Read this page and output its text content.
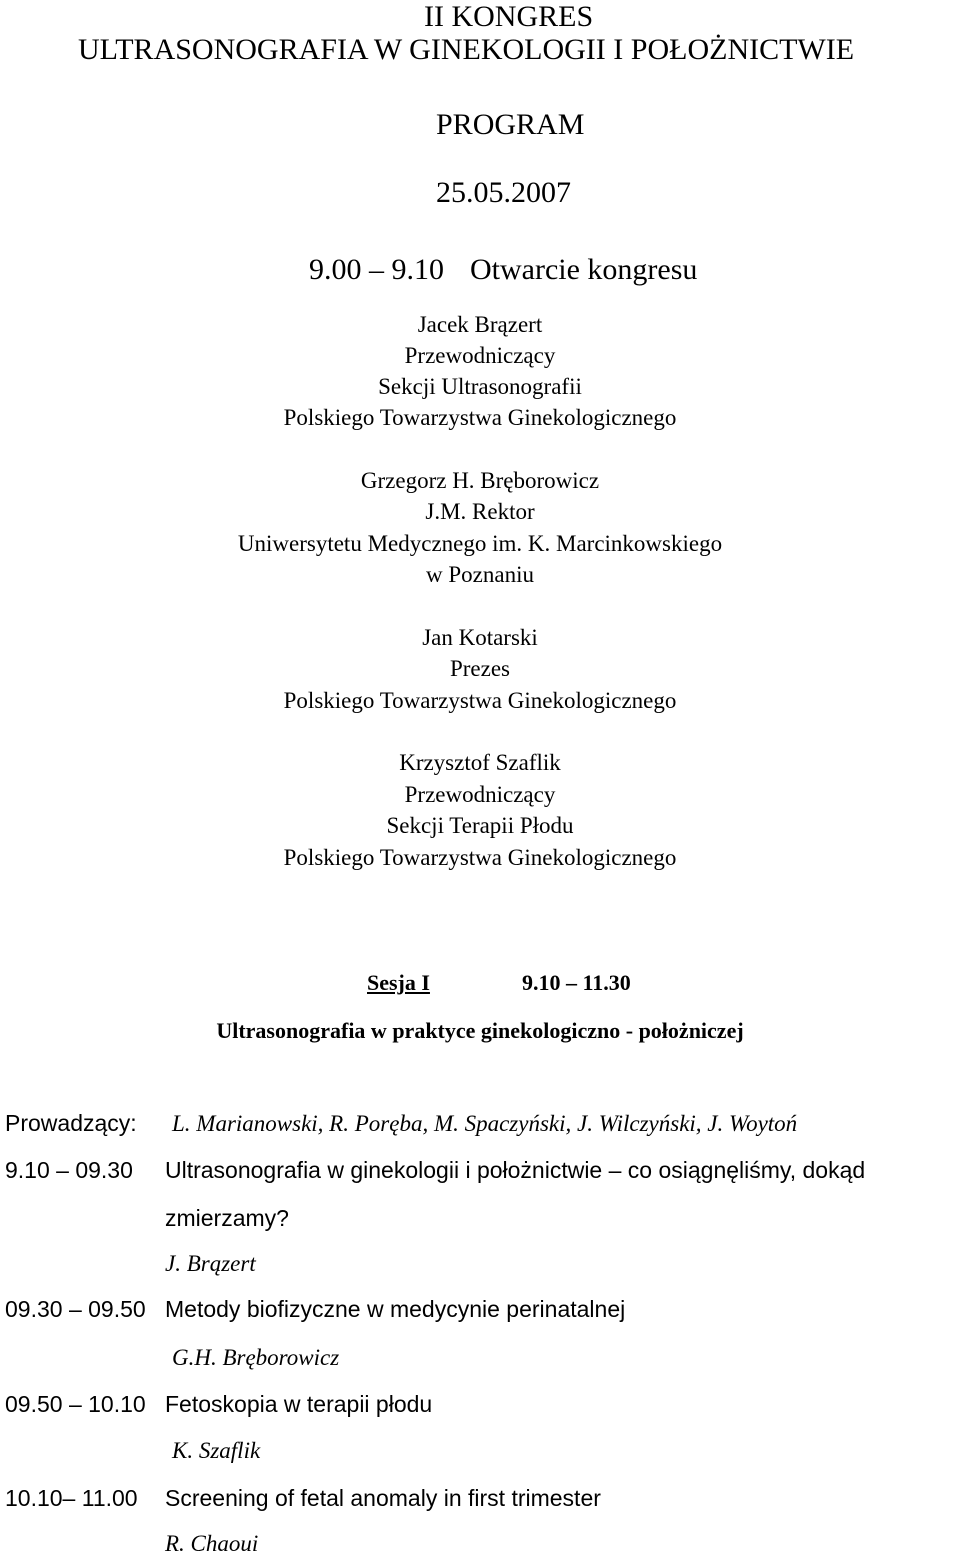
II KONGRES
ULTRASONOGRAFIA W GINEKOLOGII I POŁOŻNICTWIE
PROGRAM
25.05.2007
9.00 – 9.10 Otwarcie kongresu
Jacek Brązert
Przewodniczący
Sekcji Ultrasonografii
Polskiego Towarzystwa Ginekologicznego
Grzegorz H. Bręborowicz
J.M. Rektor
Uniwersytetu Medycznego im. K. Marcinkowskiego
w Poznaniu
Jan Kotarski
Prezes
Polskiego Towarzystwa Ginekologicznego
Krzysztof Szaflik
Przewodniczący
Sekcji Terapii Płodu
Polskiego Towarzystwa Ginekologicznego
Sesja I	9.10 – 11.30
Ultrasonografia w praktyce ginekologiczno - położniczej
Prowadzący: L. Marianowski, R. Poręba, M. Spaczyński, J. Wilczyński, J. Woytoń
9.10 – 09.30 Ultrasonografia w ginekologii i położnictwie – co osiągnęliśmy, dokąd
zmierzamy?
J. Brązert
09.30 – 09.50 Metody biofizyczne w medycynie perinatalnej
G.H. Bręborowicz
09.50 – 10.10 Fetoskopia w terapii płodu
K. Szaflik
10.10– 11.00 Screening of fetal anomaly in first trimester
R. Chaoui
